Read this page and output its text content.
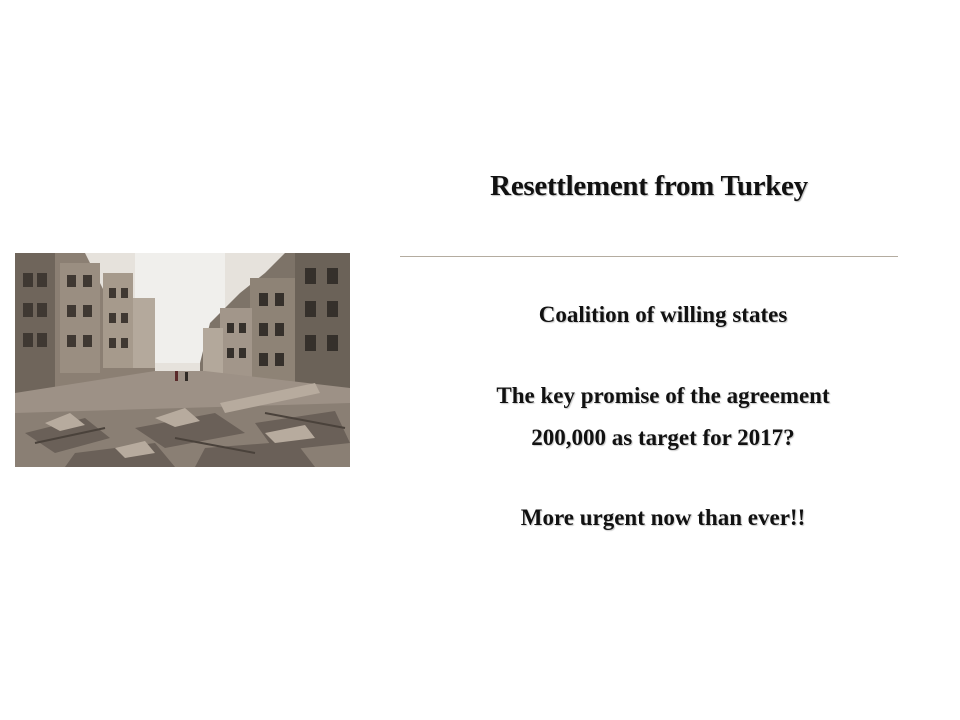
Resettlement from Turkey
Coalition of willing states
The key promise of the agreement
200,000 as target for 2017?
More urgent now than ever!!
